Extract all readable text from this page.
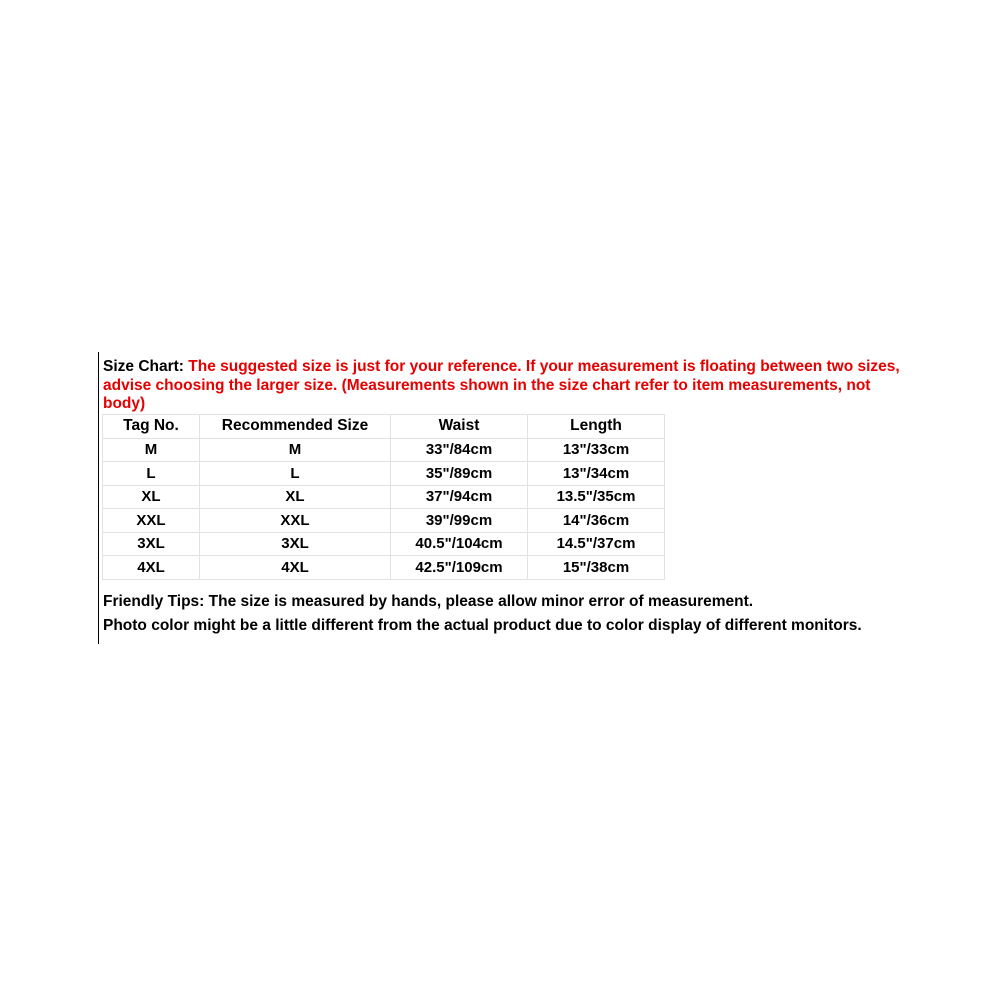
Size Chart: The suggested size is just for your reference. If your measurement is floating between two sizes, advise choosing the larger size. (Measurements shown in the size chart refer to item measurements, not body)

Tag No.	Recommended Size	Waist	Length
M	M	33"/84cm	13"/33cm
L	L	35"/89cm	13"/34cm
XL	XL	37"/94cm	13.5"/35cm
XXL	XXL	39"/99cm	14"/36cm
3XL	3XL	40.5"/104cm	14.5"/37cm
4XL	4XL	42.5"/109cm	15"/38cm
Friendly Tips: The size is measured by hands, please allow minor error of measurement.
Photo color might be a little different from the actual product due to color display of different monitors.
